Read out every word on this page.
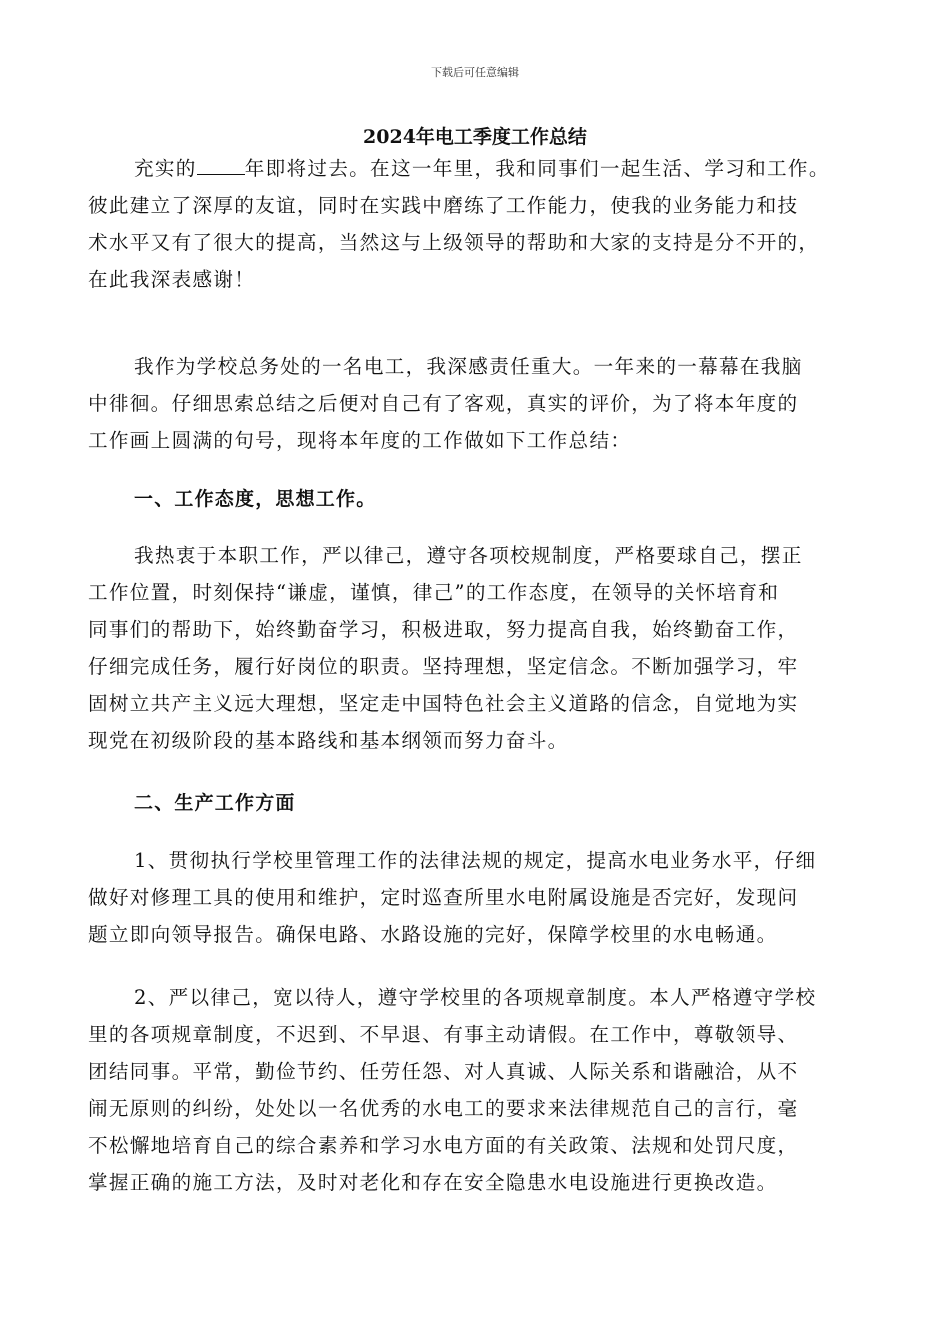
下载后可任意编辑
2024年电工季度工作总结
充实的 年即将过去。在这一年里，我和同事们一起生活、学习和工作。
彼此建立了深厚的友谊，同时在实践中磨练了工作能力，使我的业务能力和技
术水平又有了很大的提高，当然这与上级领导的帮助和大家的支持是分不开的，
在此我深表感谢！
我作为学校总务处的一名电工，我深感责任重大。一年来的一幕幕在我脑
中徘徊。仔细思索总结之后便对自己有了客观，真实的评价，为了将本年度的
工作画上圆满的句号，现将本年度的工作做如下工作总结：
一、工作态度，思想工作。
我热衷于本职工作，严以律己，遵守各项校规制度，严格要球自己，摆正
工作位置，时刻保持“谦虚，谨慎，律己”的工作态度，在领导的关怀培育和
同事们的帮助下，始终勤奋学习，积极进取，努力提高自我，始终勤奋工作，
仔细完成任务，履行好岗位的职责。坚持理想，坚定信念。不断加强学习，牢
固树立共产主义远大理想，坚定走中国特色社会主义道路的信念，自觉地为实
现党在初级阶段的基本路线和基本纲领而努力奋斗。
二、生产工作方面
1、贯彻执行学校里管理工作的法律法规的规定，提高水电业务水平，仔细
做好对修理工具的使用和维护，定时巡查所里水电附属设施是否完好，发现问
题立即向领导报告。确保电路、水路设施的完好，保障学校里的水电畅通。
2、严以律己，宽以待人，遵守学校里的各项规章制度。本人严格遵守学校
里的各项规章制度，不迟到、不早退、有事主动请假。在工作中，尊敬领导、
团结同事。平常，勤俭节约、任劳任怨、对人真诚、人际关系和谐融洽，从不
闹无原则的纠纷，处处以一名优秀的水电工的要求来法律规范自己的言行，毫
不松懈地培育自己的综合素养和学习水电方面的有关政策、法规和处罚尺度，
掌握正确的施工方法，及时对老化和存在安全隐患水电设施进行更换改造。
